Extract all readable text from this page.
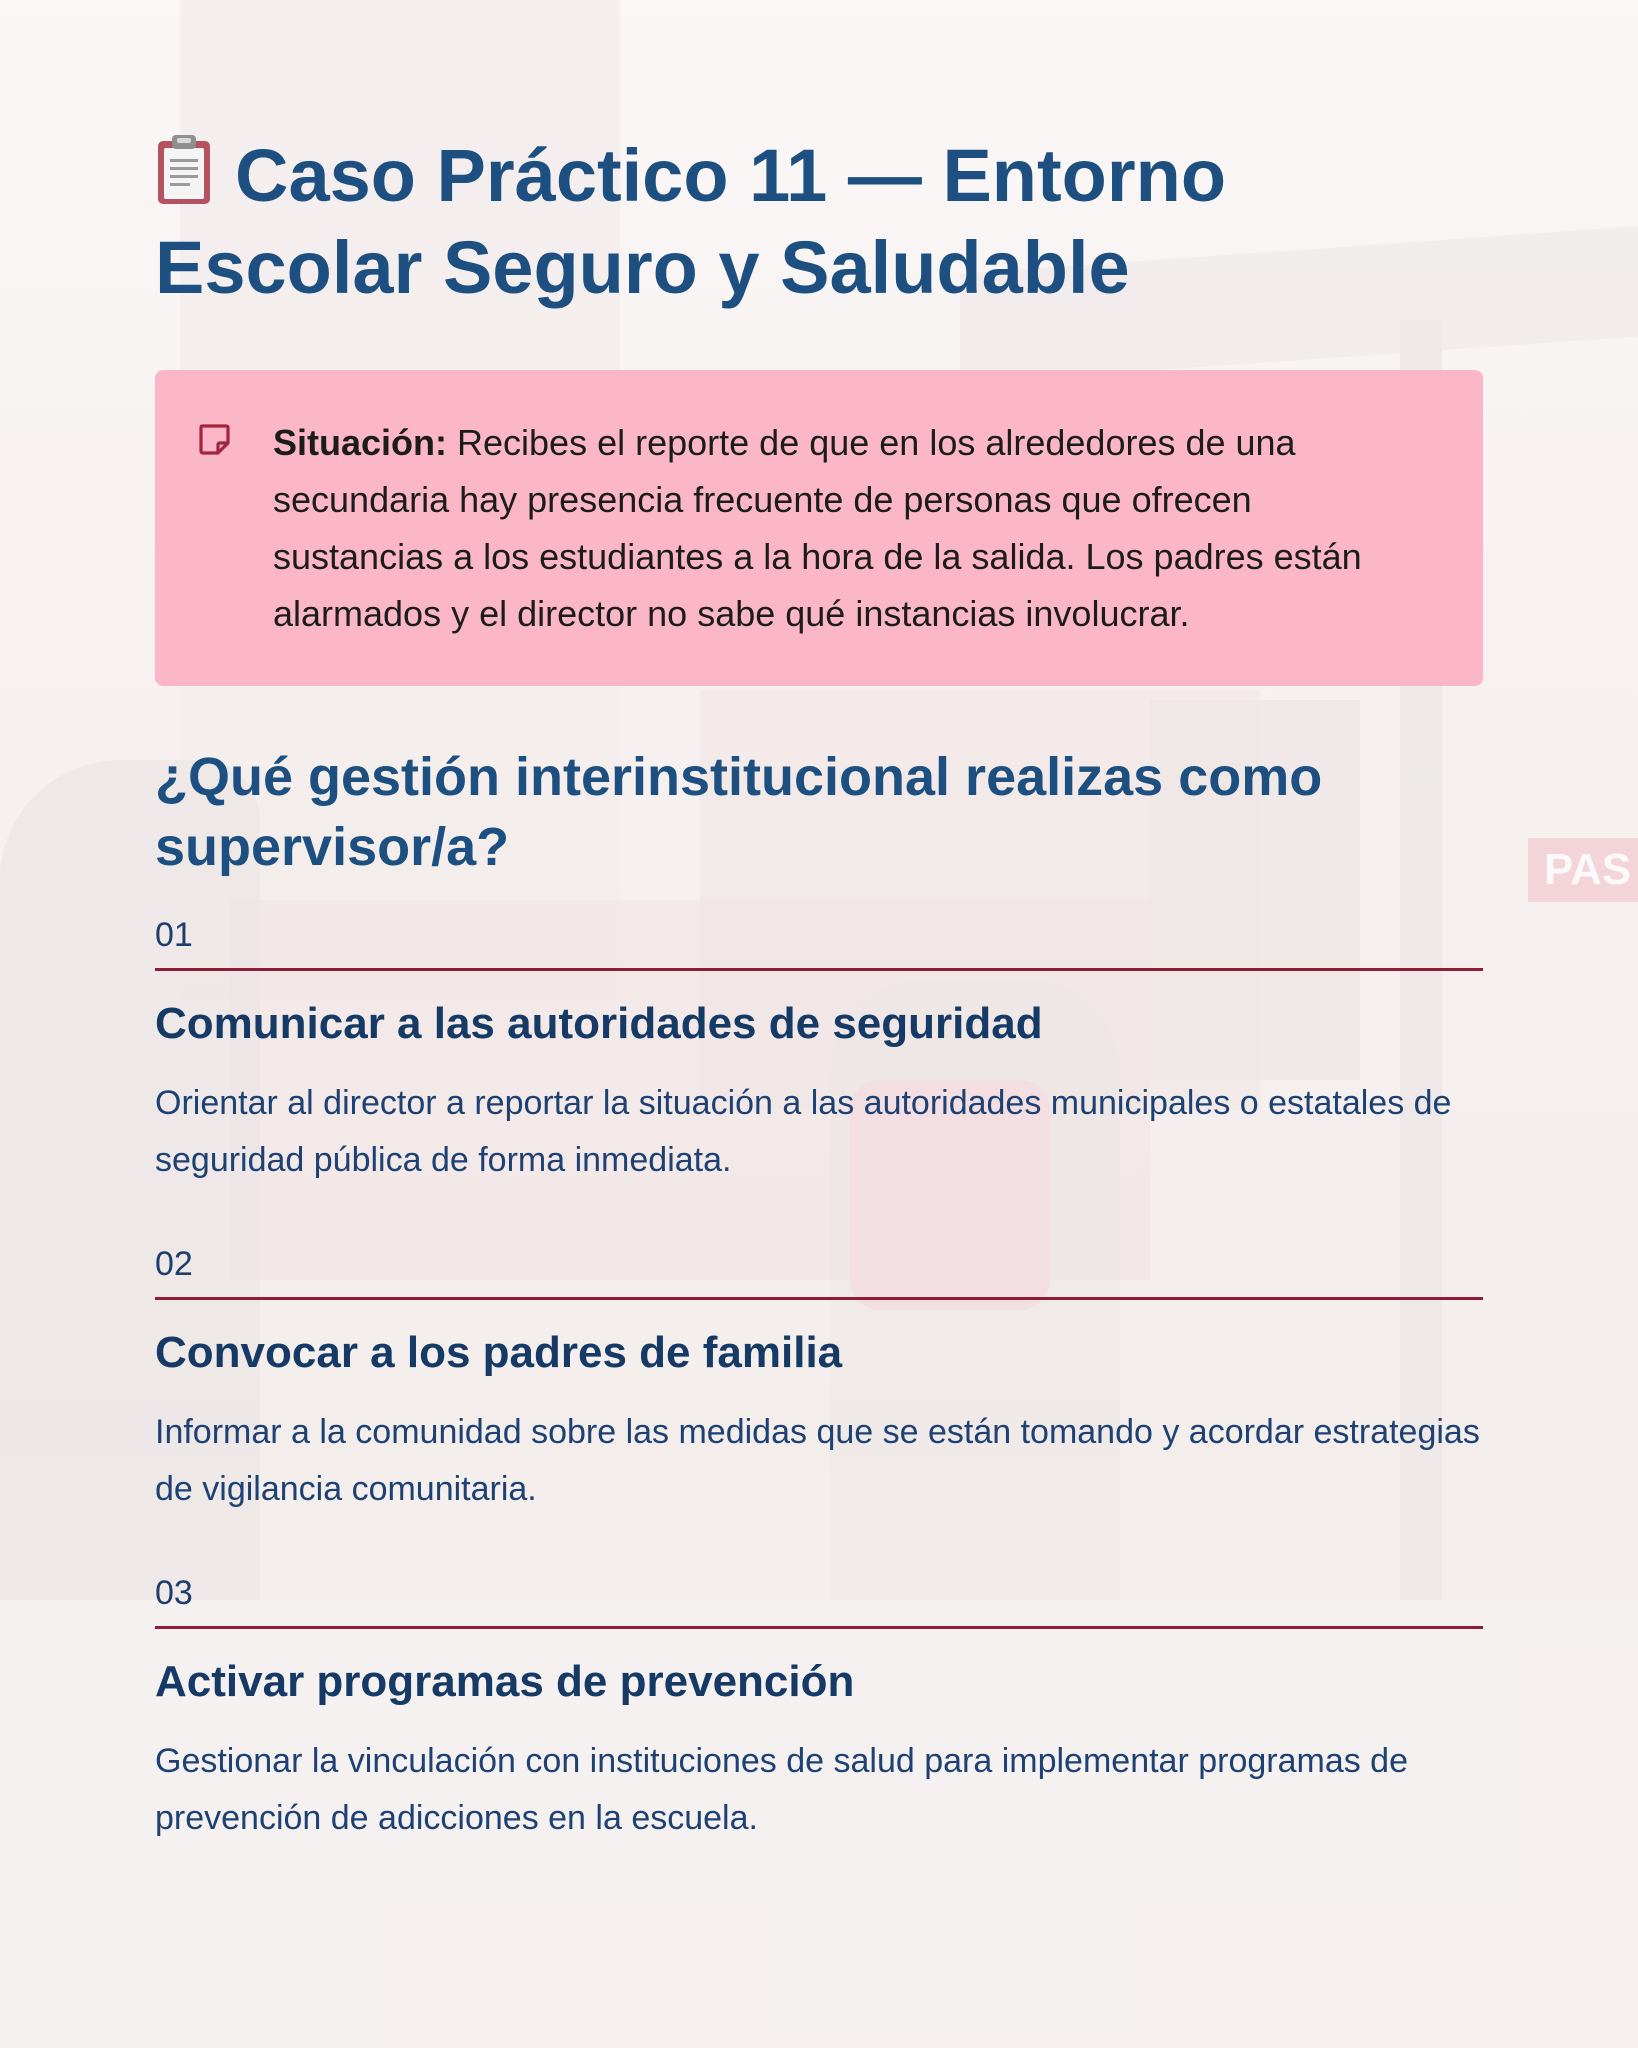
Caso Práctico 11 — Entorno Escolar Seguro y Saludable

Situación: Recibes el reporte de que en los alrededores de una secundaria hay presencia frecuente de personas que ofrecen sustancias a los estudiantes a la hora de la salida. Los padres están alarmados y el director no sabe qué instancias involucrar.

¿Qué gestión interinstitucional realizas como supervisor/a?
01
Comunicar a las autoridades de seguridad

Orientar al director a reportar la situación a las autoridades municipales o estatales de seguridad pública de forma inmediata.

02
Convocar a los padres de familia

Informar a la comunidad sobre las medidas que se están tomando y acordar estrategias de vigilancia comunitaria.

03
Activar programas de prevención

Gestionar la vinculación con instituciones de salud para implementar programas de prevención de adicciones en la escuela.
